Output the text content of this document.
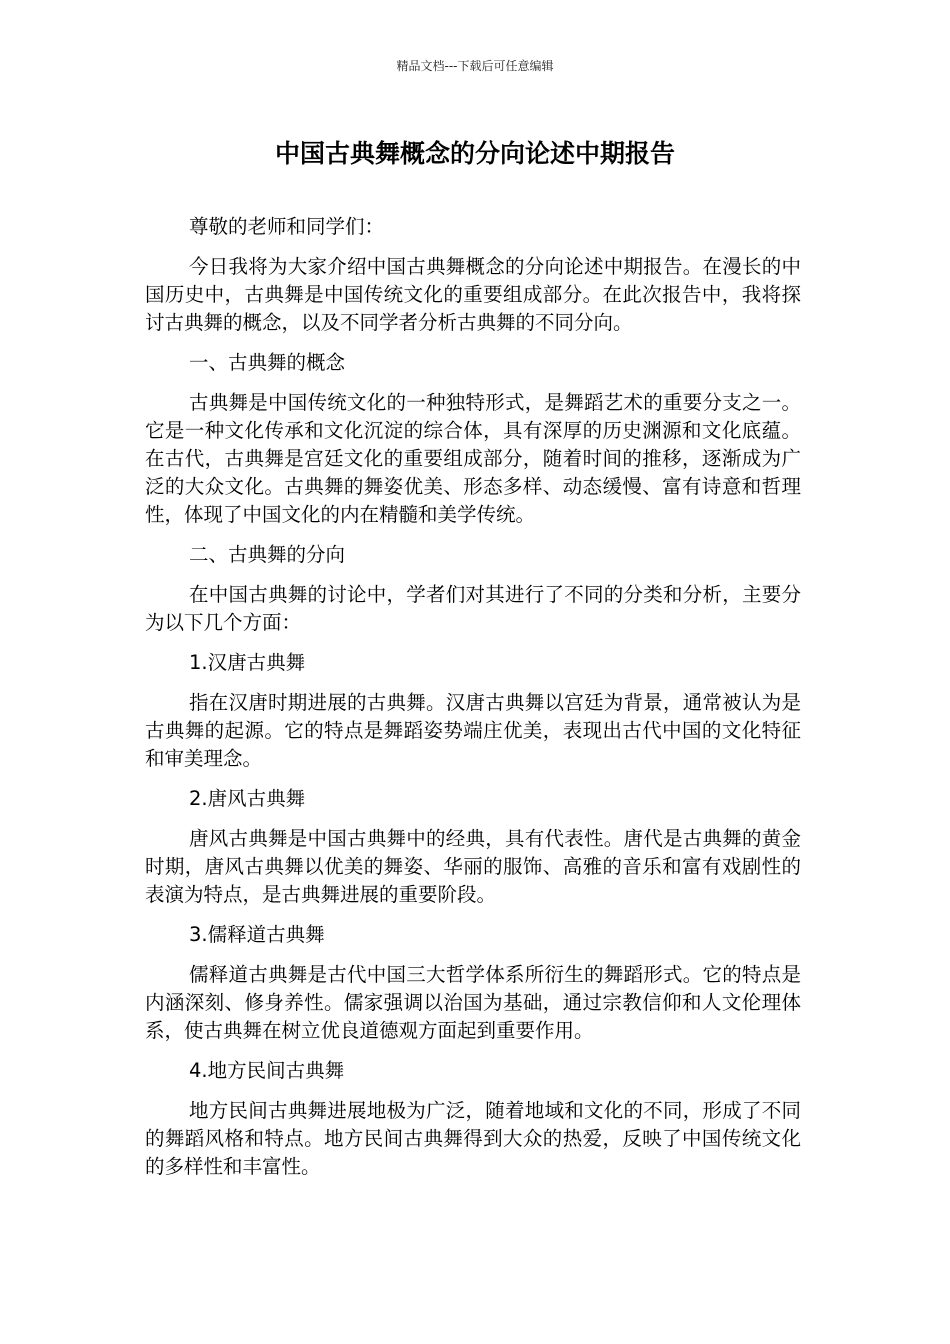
精品文档---下载后可任意编辑
中国古典舞概念的分向论述中期报告

尊敬的老师和同学们：

今日我将为大家介绍中国古典舞概念的分向论述中期报告。在漫长的中国历史中，古典舞是中国传统文化的重要组成部分。在此次报告中，我将探讨古典舞的概念，以及不同学者分析古典舞的不同分向。

一、古典舞的概念

古典舞是中国传统文化的一种独特形式，是舞蹈艺术的重要分支之一。它是一种文化传承和文化沉淀的综合体，具有深厚的历史渊源和文化底蕴。在古代，古典舞是宫廷文化的重要组成部分，随着时间的推移，逐渐成为广泛的大众文化。古典舞的舞姿优美、形态多样、动态缓慢、富有诗意和哲理性，体现了中国文化的内在精髓和美学传统。

二、古典舞的分向

在中国古典舞的讨论中，学者们对其进行了不同的分类和分析，主要分为以下几个方面：

1.汉唐古典舞

指在汉唐时期进展的古典舞。汉唐古典舞以宫廷为背景，通常被认为是古典舞的起源。它的特点是舞蹈姿势端庄优美，表现出古代中国的文化特征和审美理念。

2.唐风古典舞

唐风古典舞是中国古典舞中的经典，具有代表性。唐代是古典舞的黄金时期，唐风古典舞以优美的舞姿、华丽的服饰、高雅的音乐和富有戏剧性的表演为特点，是古典舞进展的重要阶段。

3.儒释道古典舞

儒释道古典舞是古代中国三大哲学体系所衍生的舞蹈形式。它的特点是内涵深刻、修身养性。儒家强调以治国为基础，通过宗教信仰和人文伦理体系，使古典舞在树立优良道德观方面起到重要作用。

4.地方民间古典舞

地方民间古典舞进展地极为广泛，随着地域和文化的不同，形成了不同的舞蹈风格和特点。地方民间古典舞得到大众的热爱，反映了中国传统文化的多样性和丰富性。
